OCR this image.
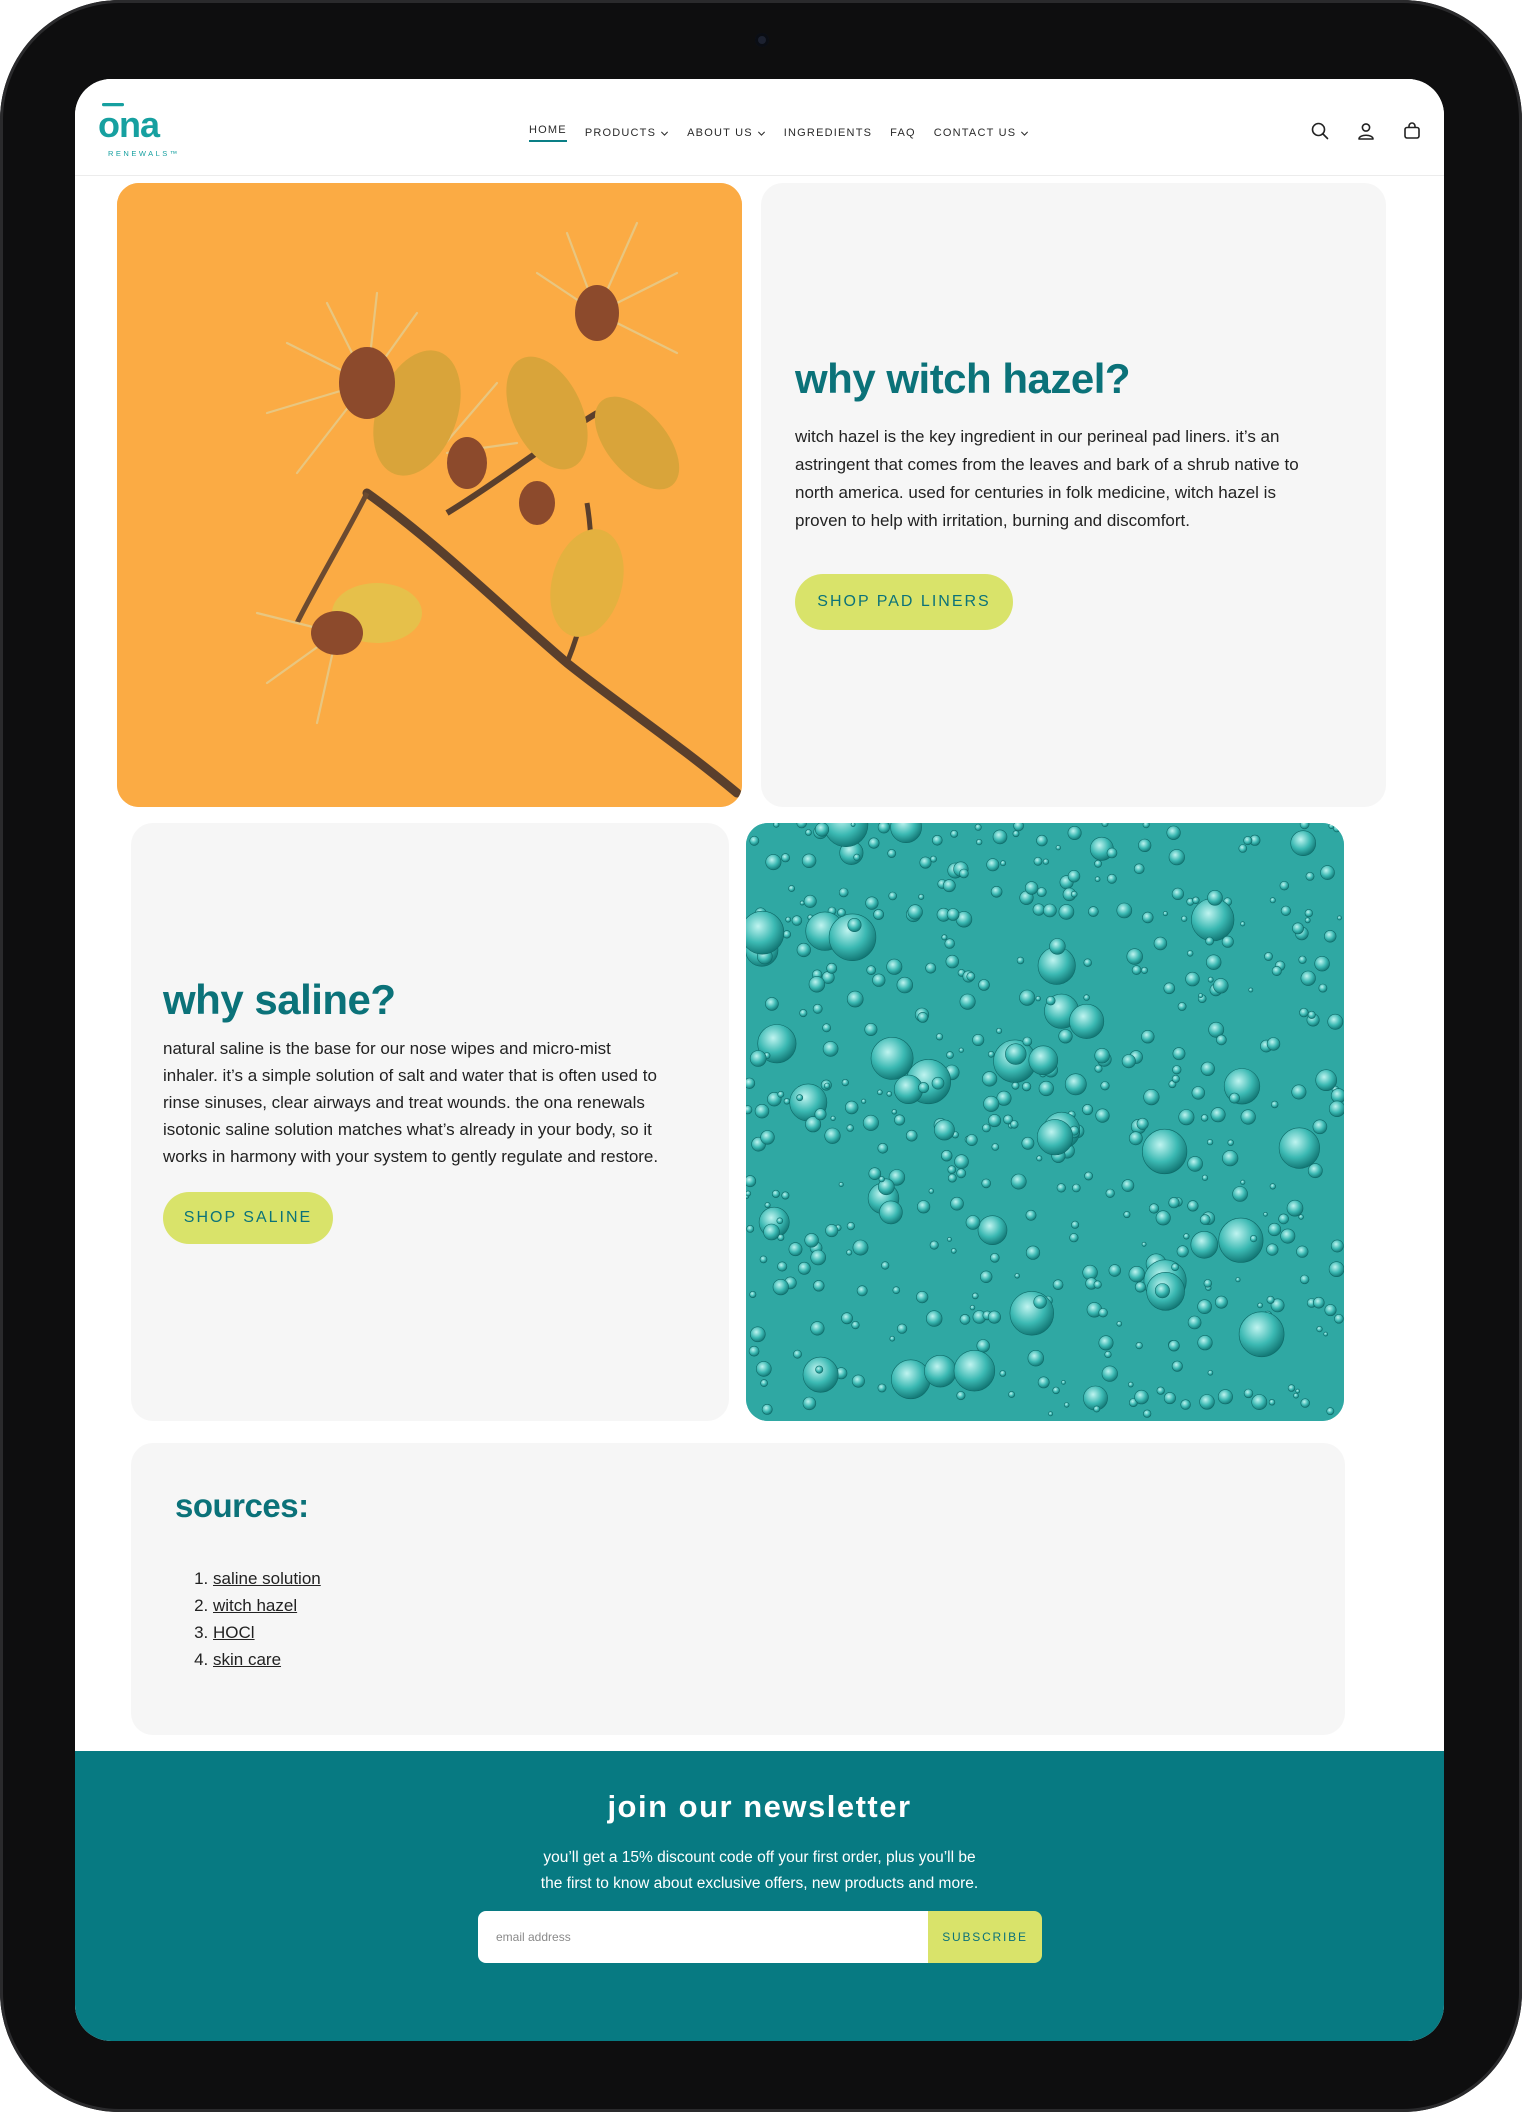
ona
RENEWALS™
HOME PRODUCTS	ABOUT US	INGREDIENTS FAQ CONTACT US
why witch hazel?

witch hazel is the key ingredient in our perineal pad liners. it’s an astringent that comes from the leaves and bark of a shrub native to north america. used for centuries in folk medicine, witch hazel is proven to help with irritation, burning and discomfort.

SHOP PAD LINERS
why saline?

natural saline is the base for our nose wipes and micro-mist inhaler. it’s a simple solution of salt and water that is often used to rinse sinuses, clear airways and treat wounds. the ona renewals isotonic saline solution matches what’s already in your body, so it works in harmony with your system to gently regulate and restore.

SHOP SALINE
sources:
1. saline solution
2. witch hazel
3. HOCl
4. skin care
join our newsletter
you’ll get a 15% discount code off your first order, plus you’ll be
the first to know about exclusive offers, new products and more.
email address
SUBSCRIBE
